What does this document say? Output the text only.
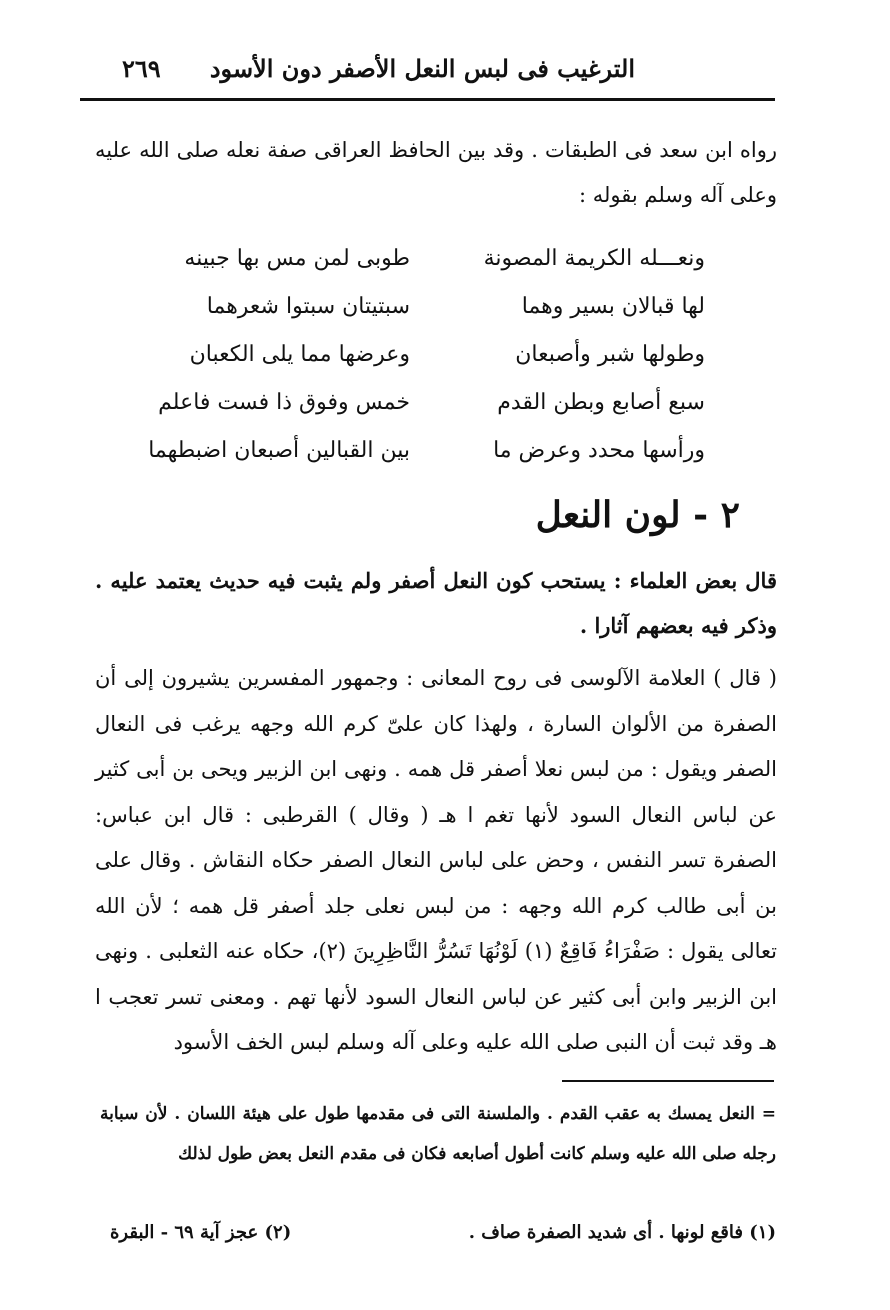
الترغيب فى لبس النعل الأصفر دون الأسود
٢٦٩
رواه ابن سعد فى الطبقات . وقد بين الحافظ العراقى صفة نعله صلى الله عليه وعلى آله وسلم بقوله :
ونعـــله الكريمة المصونة
طوبى لمن مس بها جبينه
لها قبالان بسير وهما
سبتيتان سبتوا شعرهما
وطولها شبر وأصبعان
وعرضها مما يلى الكعبان
سبع أصابع وبطن القدم
خمس وفوق ذا فست فاعلم
ورأسها محدد وعرض ما
بين القبالين أصبعان اضبطهما
٢ - لون النعل
قال بعض العلماء : يستحب كون النعل أصفر ولم يثبت فيه حديث يعتمد عليه . وذكر فيه بعضهم آثارا .
( قال ) العلامة الآلوسى فى روح المعانى : وجمهور المفسرين يشيرون إلى أن الصفرة من الألوان السارة ، ولهذا كان علىّ كرم الله وجهه يرغب فى النعال الصفر ويقول : من لبس نعلا أصفر قل همه . ونهى ابن الزبير ويحى بن أبى كثير عن لباس النعال السود لأنها تغم ا هـ ( وقال ) القرطبى : قال ابن عباس: الصفرة تسر النفس ، وحض على لباس النعال الصفر حكاه النقاش . وقال على بن أبى طالب كرم الله وجهه : من لبس نعلى جلد أصفر قل همه ؛ لأن الله تعالى يقول : صَفْرَاءُ فَاقِعٌ (١) لَوْنُهَا تَسُرُّ النَّاظِرِينَ (٢)، حكاه عنه الثعلبى . ونهى ابن الزبير وابن أبى كثير عن لباس النعال السود لأنها تهم . ومعنى تسر تعجب ا هـ وقد ثبت أن النبى صلى الله عليه وعلى آله وسلم لبس الخف الأسود
= النعل يمسك به عقب القدم . والملسنة التى فى مقدمها طول على هيئة اللسان . لأن سبابة رجله صلى الله عليه وسلم كانت أطول أصابعه فكان فى مقدم النعل بعض طول لذلك
(١) فاقع لونها . أى شديد الصفرة صاف .
(٢) عجز آية ٦٩ - البقرة
